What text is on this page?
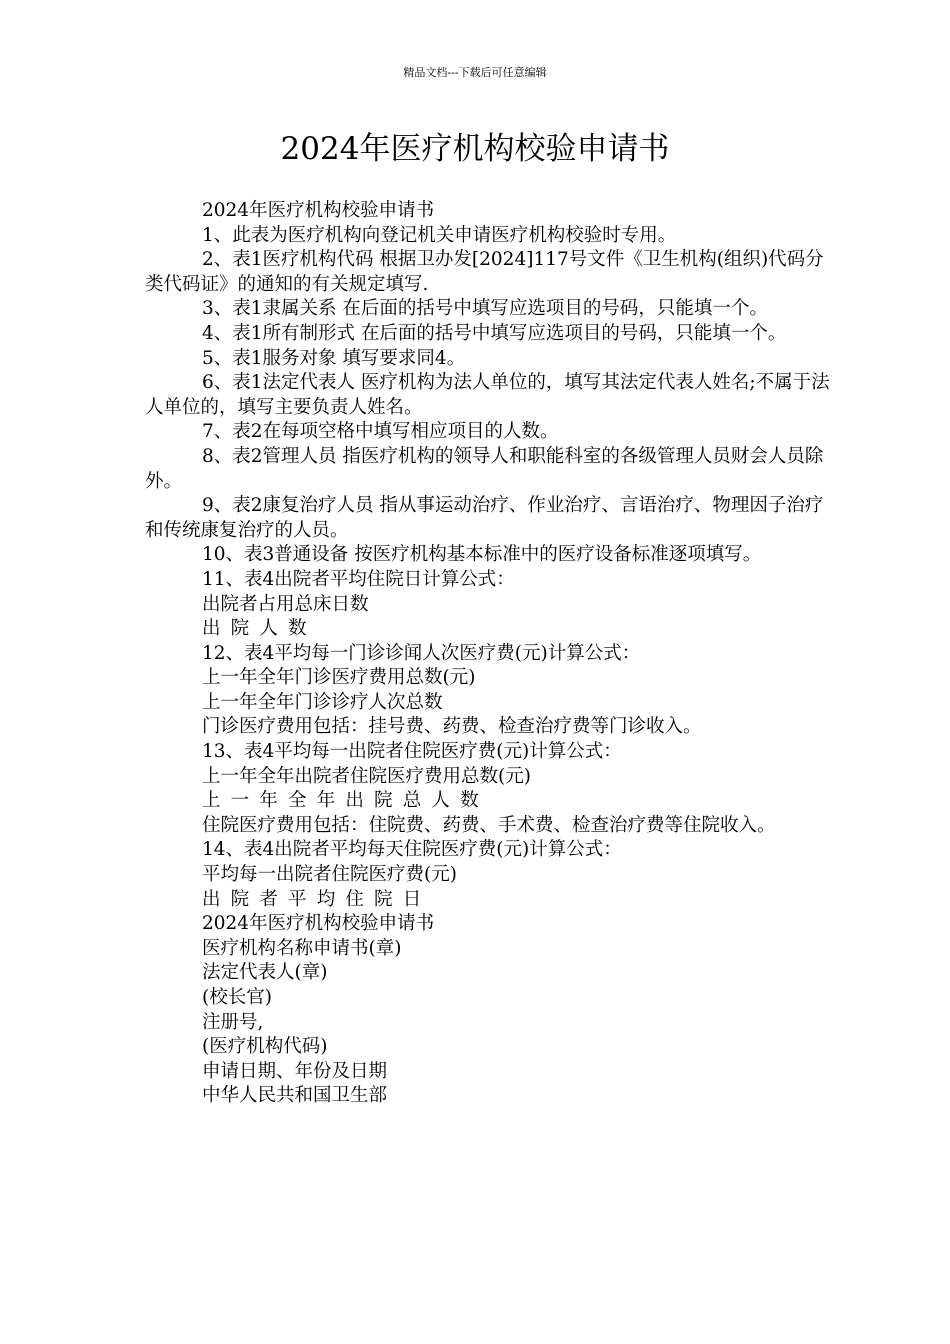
精品文档---下载后可任意编辑
2024年医疗机构校验申请书

2024年医疗机构校验申请书

1、此表为医疗机构向登记机关申请医疗机构校验时专用。

2、表1医疗机构代码 根据卫办发[2024]117号文件《卫生机构(组织)代码分类代码证》的通知的有关规定填写.

3、表1隶属关系 在后面的括号中填写应选项目的号码，只能填一个。

4、表1所有制形式 在后面的括号中填写应选项目的号码，只能填一个。

5、表1服务对象 填写要求同4。

6、表1法定代表人 医疗机构为法人单位的，填写其法定代表人姓名;不属于法人单位的，填写主要负责人姓名。

7、表2在每项空格中填写相应项目的人数。

8、表2管理人员 指医疗机构的领导人和职能科室的各级管理人员财会人员除外。

9、表2康复治疗人员 指从事运动治疗、作业治疗、言语治疗、物理因子治疗和传统康复治疗的人员。

10、表3普通设备 按医疗机构基本标准中的医疗设备标准逐项填写。

11、表4出院者平均住院日计算公式：

出院者占用总床日数

出院人数

12、表4平均每一门诊诊闻人次医疗费(元)计算公式：

上一年全年门诊医疗费用总数(元)

上一年全年门诊诊疗人次总数

门诊医疗费用包括：挂号费、药费、检查治疗费等门诊收入。

13、表4平均每一出院者住院医疗费(元)计算公式：

上一年全年出院者住院医疗费用总数(元)

上一年全年出院总人数

住院医疗费用包括：住院费、药费、手术费、检查治疗费等住院收入。

14、表4出院者平均每天住院医疗费(元)计算公式：

平均每一出院者住院医疗费(元)

出院者平均住院日

2024年医疗机构校验申请书

医疗机构名称申请书(章)

法定代表人(章)

(校长官)

注册号,

(医疗机构代码)

申请日期、年份及日期

中华人民共和国卫生部
